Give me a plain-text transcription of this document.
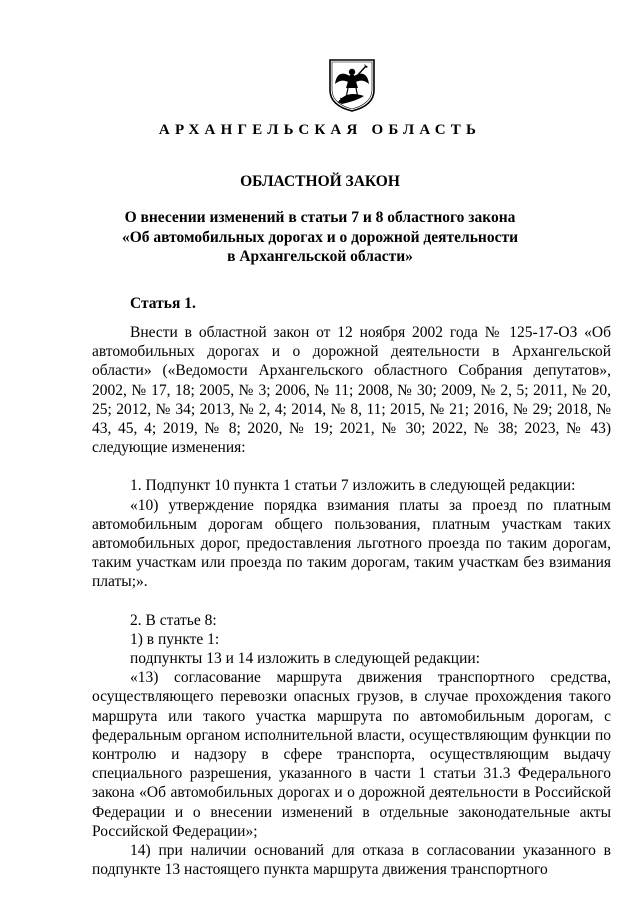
АРХАНГЕЛЬСКАЯ ОБЛАСТЬ
ОБЛАСТНОЙ ЗАКОН
О внесении изменений в статьи 7 и 8 областного закона
«Об автомобильных дорогах и о дорожной деятельности
в Архангельской области»
Статья 1.

Внести в областной закон от 12 ноября 2002 года № 125-17-ОЗ «Об автомобильных дорогах и о дорожной деятельности в Архангельской области» («Ведомости Архангельского областного Собрания депутатов», 2002, № 17, 18; 2005, № 3; 2006, № 11; 2008, № 30; 2009, № 2, 5; 2011, № 20, 25; 2012, № 34; 2013, № 2, 4; 2014, № 8, 11; 2015, № 21; 2016, № 29; 2018, № 43, 45, 4; 2019, № 8; 2020, № 19; 2021, № 30; 2022, № 38; 2023, № 43) следующие изменения:

1. Подпункт 10 пункта 1 статьи 7 изложить в следующей редакции:

«10) утверждение порядка взимания платы за проезд по платным автомобильным дорогам общего пользования, платным участкам таких автомобильных дорог, предоставления льготного проезда по таким дорогам, таким участкам или проезда по таким дорогам, таким участкам без взимания платы;».

2. В статье 8:

1) в пункте 1:

подпункты 13 и 14 изложить в следующей редакции:

«13) согласование маршрута движения транспортного средства, осуществляющего перевозки опасных грузов, в случае прохождения такого маршрута или такого участка маршрута по автомобильным дорогам, с федеральным органом исполнительной власти, осуществляющим функции по контролю и надзору в сфере транспорта, осуществляющим выдачу специального разрешения, указанного в части 1 статьи 31.3 Федерального закона «Об автомобильных дорогах и о дорожной деятельности в Российской Федерации и о внесении изменений в отдельные законодательные акты Российской Федерации»;

14) при наличии оснований для отказа в согласовании указанного в подпункте 13 настоящего пункта маршрута движения транспортного
